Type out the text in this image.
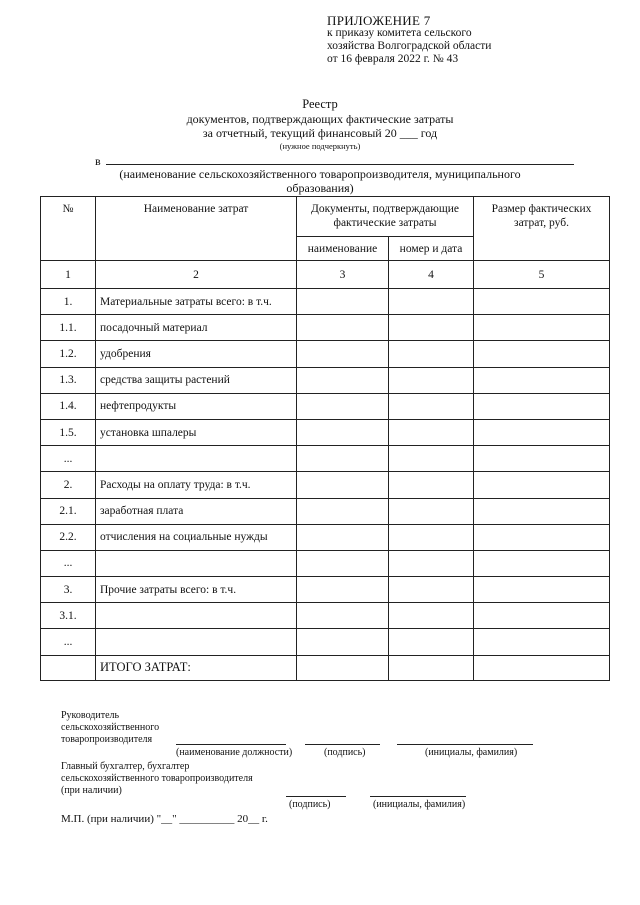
ПРИЛОЖЕНИЕ 7
к приказу комитета сельского
хозяйства Волгоградской области
от 16 февраля 2022 г. № 43
Реестр
документов, подтверждающих фактические затраты
за отчетный, текущий финансовый 20 ___ год
(нужное подчеркнуть)
в
(наименование сельскохозяйственного товаропроизводителя, муниципального
образования)
№	Наименование затрат	Документы, подтверждающие фактические затраты		Размер фактических затрат, руб.
		наименование	номер и дата	
1	2	3	4	5
1.	Материальные затраты всего: в т.ч.			
1.1.	посадочный материал			
1.2.	удобрения			
1.3.	средства защиты растений			
1.4.	нефтепродукты			
1.5.	установка шпалеры			
...				
2.	Расходы на оплату труда: в т.ч.			
2.1.	заработная плата			
2.2.	отчисления на социальные нужды			
...				
3.	Прочие затраты всего: в т.ч.			
3.1.				
...				
	ИТОГО ЗАТРАТ:			
Руководитель
сельскохозяйственного
товаропроизводителя
(наименование должности)	(подпись)	(инициалы, фамилия)
Главный бухгалтер, бухгалтер
сельскохозяйственного товаропроизводителя
(при наличии)
(подпись)	(инициалы, фамилия)
М.П. (при наличии) "__" __________ 20__ г.
